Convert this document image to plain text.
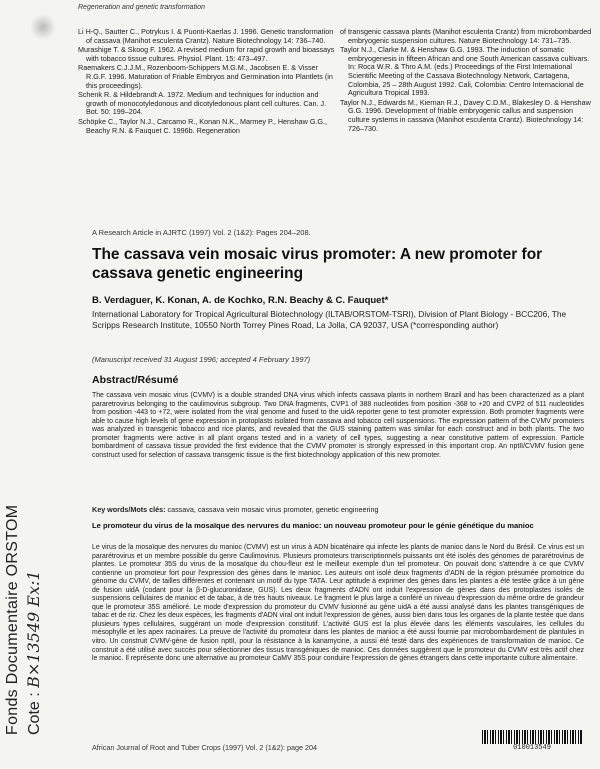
Regeneration and genetic transformation

Li H-Q., Sautter C., Potrykus I. & Puonti-Kaerlas J. 1996. Genetic transformation of cassava (Manihot esculenta Crantz). Nature Biotechnology 14: 736–740.

Murashige T. & Skoog F. 1962. A revised medium for rapid growth and bioassays with tobacco tissue cultures. Physiol. Plant. 15: 473–497.

Raemakers C.J.J.M., Rozenboom-Schippers M.G.M., Jacobsen E. & Visser R.G.F. 1996. Maturation of Friable Embryos and Germination into Plantlets (in this proceedings).

Schenk R. & Hildebrandt A. 1972. Medium and techniques for induction and growth of monocotyledonous and dicotyledonous plant cell cultures. Can. J. Bot. 50: 199–204.

Schöpke C., Taylor N.J., Carcamo R., Konan N.K., Marmey P., Henshaw G.G., Beachy R.N. & Fauquet C. 1996b. Regeneration

of transgenic cassava plants (Manihot esculenta Crantz) from microbombarded embryogenic suspension cultures. Nature Biotechnology 14: 731–735.

Taylor N.J., Clarke M. & Henshaw G.G. 1993. The induction of somatic embryogenesis in fifteen African and one South American cassava cultivars. In: Roca W.R. & Thro A.M. (eds.) Proceedings of the First International Scientific Meeting of the Cassava Biotechnology Network, Cartagena, Colombia, 25 – 28th August 1992. Cali, Colombia: Centro Internacional de Agricultura Tropical 1993.

Taylor N.J., Edwards M., Kiernan R.J., Davey C.D.M., Blakesley D. & Henshaw G.G. 1996. Development of friable embryogenic callus and suspension culture systems in cassava (Manihot esculenta Crantz). Biotechnology 14: 726–730.

A Research Article in AJRTC (1997) Vol. 2 (1&2): Pages 204–208.
The cassava vein mosaic virus promoter: A new promoter for cassava genetic engineering
B. Verdaguer, K. Konan, A. de Kochko, R.N. Beachy & C. Fauquet*
International Laboratory for Tropical Agricultural Biotechnology (ILTAB/ORSTOM-TSRI), Division of Plant Biology - BCC206, The Scripps Research Institute, 10550 North Torrey Pines Road, La Jolla, CA 92037, USA (*corresponding author)
(Manuscript received 31 August 1996; accepted 4 February 1997)
Abstract/Résumé

The cassava vein mosaic virus (CVMV) is a double stranded DNA virus which infects cassava plants in northern Brazil and has been characterized as a plant pararetrovirus belonging to the caulimovirus subgroup. Two DNA fragments, CVP1 of 388 nucleotides from position -368 to +20 and CVP2 of 511 nucleotides from position -443 to +72, were isolated from the viral genome and fused to the uidA reporter gene to test promoter expression. Both promoter fragments were able to cause high levels of gene expression in protoplasts isolated from cassava and tobacco cell suspensions. The expression pattern of the CVMV promoters was analyzed in transgenic tobacco and rice plants, and revealed that the GUS staining pattern was similar for each construct and in both plants. The two promoter fragments were active in all plant organs tested and in a variety of cell types, suggesting a near constitutive pattern of expression. Particle bombardment of cassava tissue provided the first evidence that the CVMV promoter is strongly expressed in this important crop. An nptII/CVMV fusion gene construct used for selection of cassava transgenic tissue is the first biotechnology application of this new promoter.

Key words/Mots clés: cassava, cassava vein mosaic virus promoter, genetic engineering

Le promoteur du virus de la mosaïque des nervures du manioc: un nouveau promoteur pour le génie génétique du manioc

Le virus de la mosaïque des nervures du manioc (CVMV) est un virus à ADN bicaténaire qui infecte les plants de manioc dans le Nord du Brésil. Ce virus est un pararétrovirus et un membre possible du genre Caulimovirus. Plusieurs promoteurs transcriptionnels puissants ont été isolés des génomes de pararétrovirus de plantes. Le promoteur 35S du virus de la mosaïque du chou-fleur est le meilleur exemple d'un tel promoteur. On pouvait donc s'attendre à ce que CVMV contienne un promoteur fort pour l'expression des gènes dans le manioc. Les auteurs ont isolé deux fragments d'ADN de la région présumée promotrice du génome du CVMV, de tailles différentes et contenant un motif du type TATA. Leur aptitude à exprimer des gènes dans les plantes a été testée grâce à un gène de fusion uidA (codant pour la β-D-glucuronidase, GUS). Les deux fragments d'ADN ont induit l'expression de gènes dans des protoplastes isolés de suspensions cellulaires de manioc et de tabac, à de très hauts niveaux. Le fragment le plus large a conféré un niveau d'expression du même ordre de grandeur que le promoteur 35S amélioré. Le mode d'expression du promoteur du CVMV fusionné au gène uidA a été aussi analysé dans les plantes transgéniques de tabac et de riz. Chez les deux espèces, les fragments d'ADN viral ont induit l'expression de gènes, aussi bien dans tous les organes de la plante testée que dans plusieurs types cellulaires, suggérant un mode d'expression constitutif. L'activité GUS est la plus élevée dans les éléments vasculaires, les cellules du mésophylle et les apex racinaires. La preuve de l'activité du promoteur dans les plantes de manioc a été aussi fournie par microbombardement de plantules in vitro. Un construit CVMV-gène de fusion nptII, pour la résistance à la kanamycine, a aussi été testé dans des expériences de transformation de manioc. Ce construit a été utilisé avec succès pour sélectionner des tissus transgéniques de manioc. Ces données suggèrent que le promoteur du CVMV est très actif chez le manioc. Il représente donc une alternative au promoteur CaMV 35S pour conduire l'expression de gènes étrangers dans cette importante culture alimentaire.

African Journal of Root and Tuber Crops (1997) Vol. 2 (1&2): page 204	010013549
Fonds Documentaire ORSTOM Cote : B×13549 Ex:1
